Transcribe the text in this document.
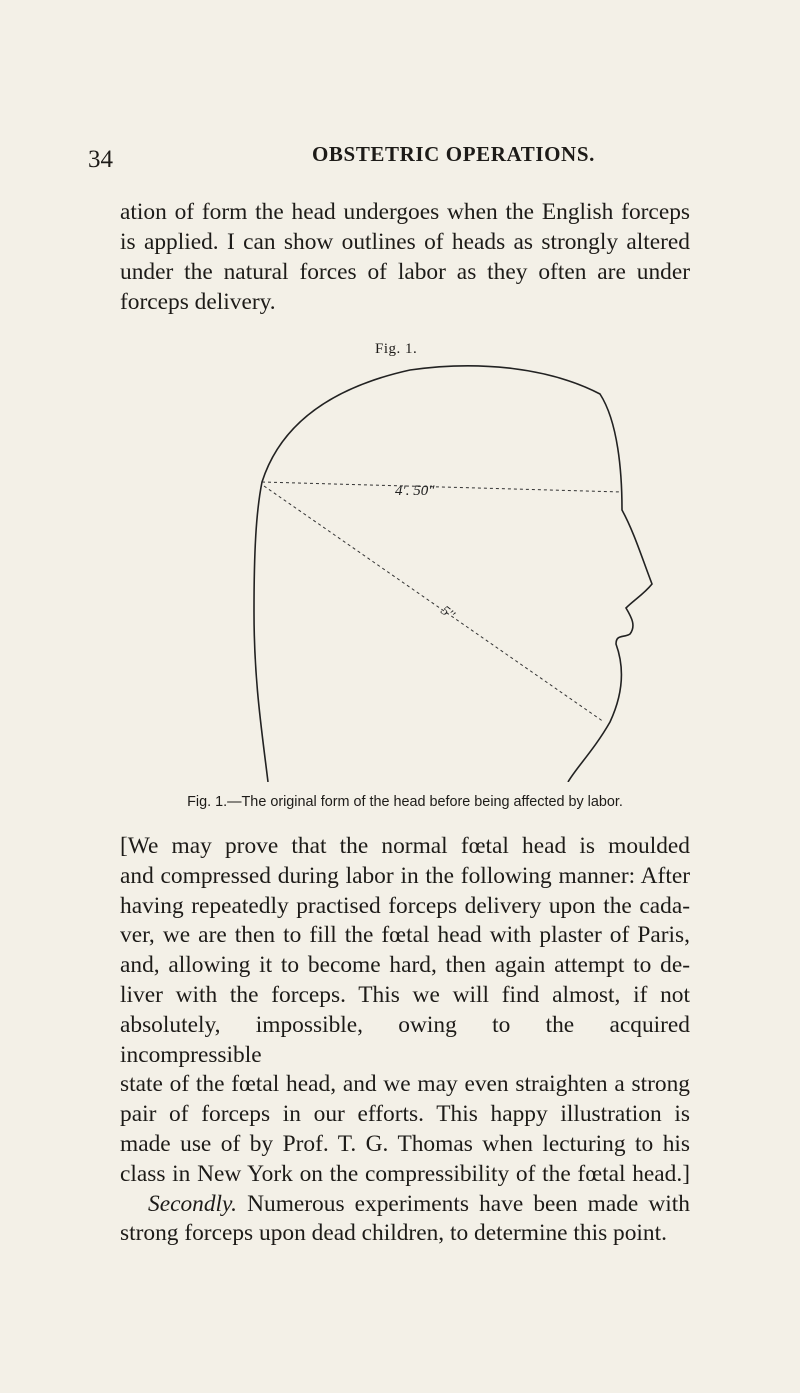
34	OBSTETRIC OPERATIONS.
ation of form the head undergoes when the English forceps
is applied. I can show outlines of heads as strongly altered
under the natural forces of labor as they often are under
forceps delivery.
Fig. 1.
4′. 50″
5′′
Fig. 1.—The original form of the head before being affected by labor.
[We may prove that the normal fœtal head is moulded
and compressed during labor in the following manner: After
having repeatedly practised forceps delivery upon the cada-
ver, we are then to fill the fœtal head with plaster of Paris,
and, allowing it to become hard, then again attempt to de-
liver with the forceps. This we will find almost, if not
absolutely, impossible, owing to the acquired incompressible
state of the fœtal head, and we may even straighten a strong
pair of forceps in our efforts. This happy illustration is
made use of by Prof. T. G. Thomas when lecturing to his
class in New York on the compressibility of the fœtal head.]
Secondly. Numerous experiments have been made with
strong forceps upon dead children, to determine this point.
